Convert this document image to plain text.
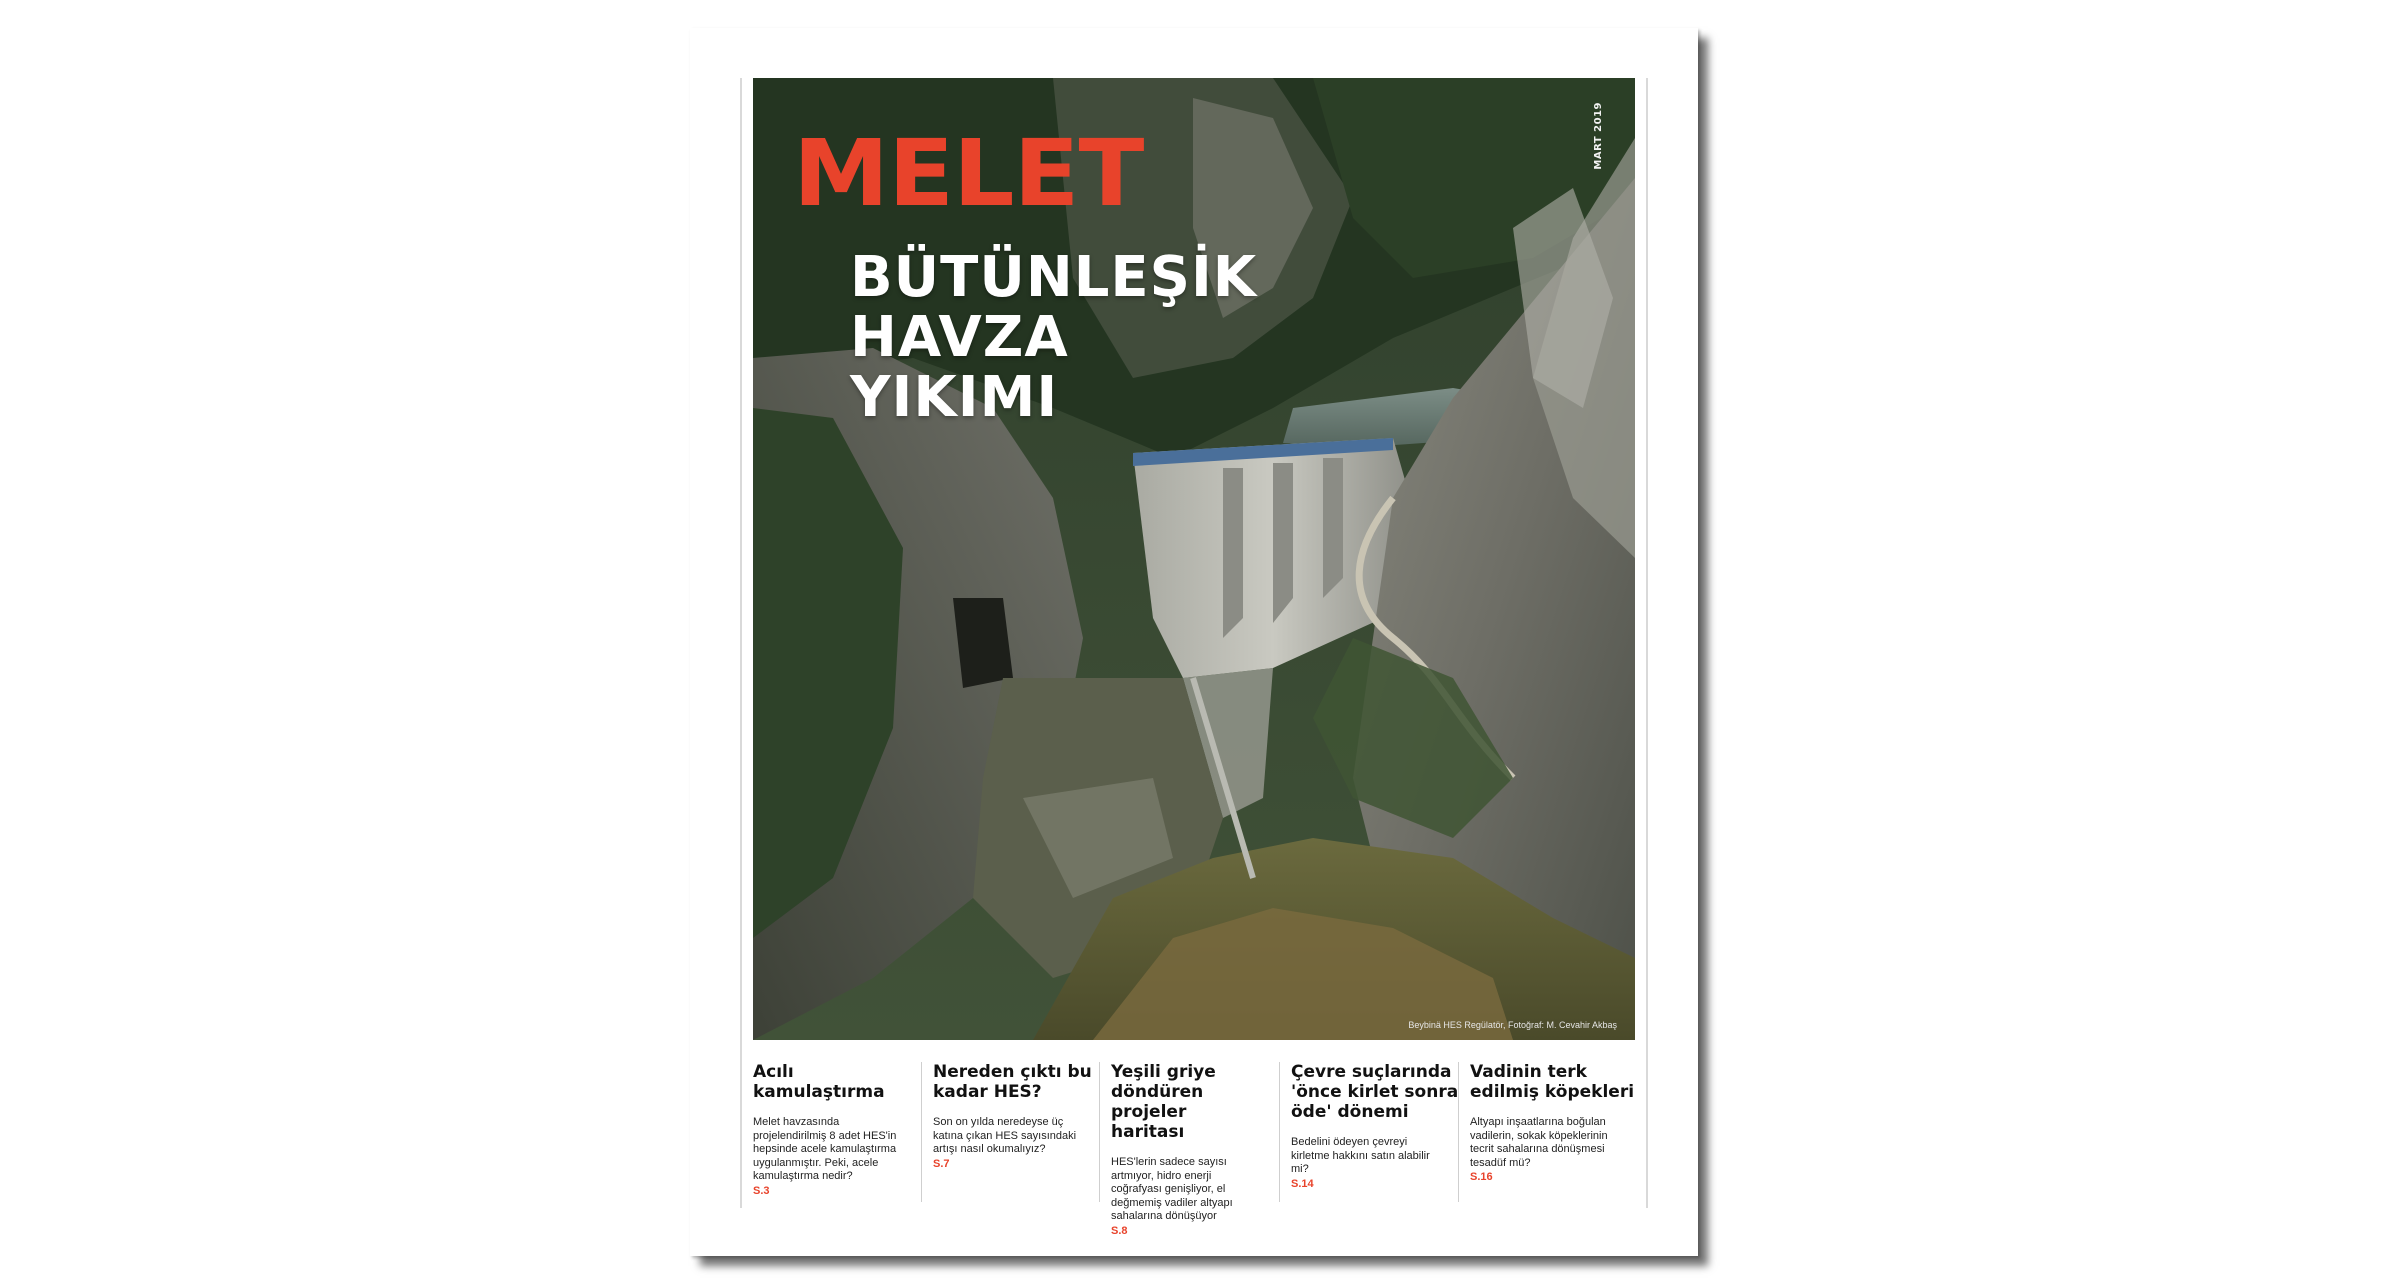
MELET	MART 2019
BÜTÜNLEŞİK
HAVZA
YIKIMI
Beybinä HES Regülatör, Fotoğraf: M. Cevahir Akbaş

Acılı
kamulaştırma

Melet havzasında
projelendirilmiş 8 adet HES'in
hepsinde acele kamulaştırma
uygulanmıştır. Peki, acele
kamulaştırma nedir?

S.3

Nereden çıktı bu
kadar HES?

Son on yılda neredeyse üç
katına çıkan HES sayısındaki
artışı nasıl okumalıyız?

S.7

Yeşili griye
döndüren projeler
haritası

HES'lerin sadece sayısı
artmıyor, hidro enerji
coğrafyası genişliyor, el
değmemiş vadiler altyapı
sahalarına dönüşüyor

S.8

Çevre suçlarında
'önce kirlet sonra
öde' dönemi

Bedelini ödeyen çevreyi
kirletme hakkını satın alabilir
mi?

S.14

Vadinin terk
edilmiş köpekleri

Altyapı inşaatlarına boğulan
vadilerin, sokak köpeklerinin
tecrit sahalarına dönüşmesi
tesadüf mü?

S.16
